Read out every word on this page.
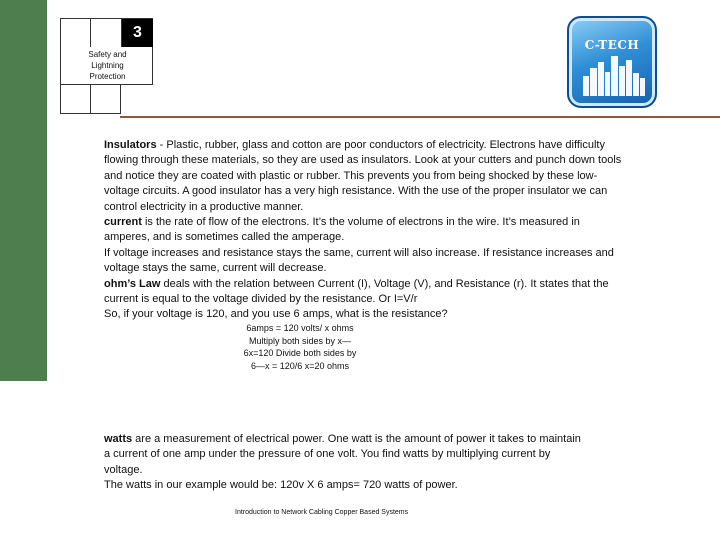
3
Safety and
Lightning
Protection
C-TECH

Insulators - Plastic, rubber, glass and cotton are poor conductors of electricity. Electrons have difficulty flowing through these materials, so they are used as insulators. Look at your cutters and punch down tools and notice they are coated with plastic or rubber. This prevents you from being shocked by these low-voltage circuits. A good insulator has a very high resistance. With the use of the proper insulator we can control electricity in a productive manner.

current is the rate of flow of the electrons. It’s the volume of electrons in the wire. It’s measured in amperes, and is sometimes called the amperage.

If voltage increases and resistance stays the same, current will also increase. If resistance increases and voltage stays the same, current will decrease.

ohm’s Law deals with the relation between Current (I), Voltage (V), and Resistance (r). It states that the current is equal to the voltage divided by the resistance. Or I=V/r

So, if your voltage is 120, and you use 6 amps, what is the resistance?

6amps = 120 volts/ x ohms Multiply both sides by x—6x=120 Divide both sides by 6—x = 120/6 x=20 ohms

watts are a measurement of electrical power. One watt is the amount of power it takes to maintain a current of one amp under the pressure of one volt. You find watts by multiplying current by voltage.

The watts in our example would be: 120v X 6 amps= 720 watts of power.

Introduction to Network Cabling Copper Based Systems
